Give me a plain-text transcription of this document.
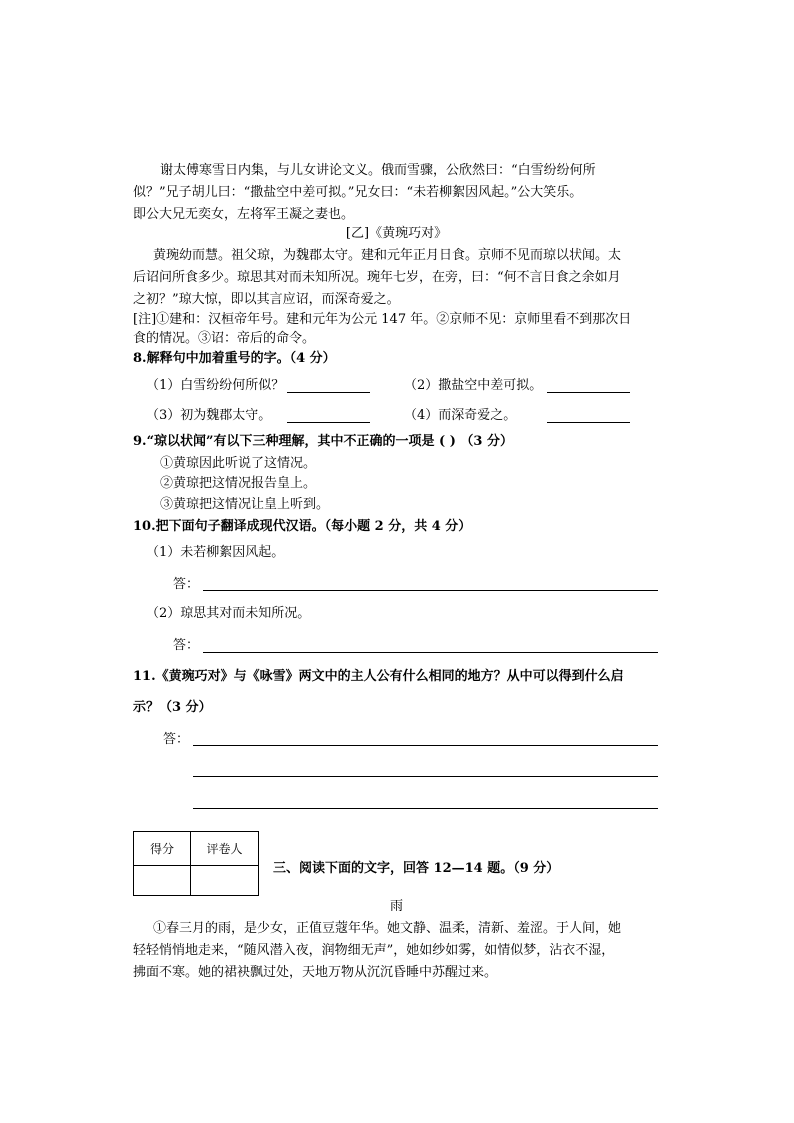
谢太傅寒雪日内集，与儿女讲论文义。俄而雪骤，公欣然曰：“白雪纷纷何所
似？”兄子胡儿曰：“撒盐空中差可拟。”兄女曰：“未若柳絮因风起。”公大笑乐。
即公大兄无奕女，左将军王凝之妻也。
[乙]《黄琬巧对》
黄琬幼而慧。祖父琼，为魏郡太守。建和元年正月日食。京师不见而琼以状闻。太
后诏问所食多少。琼思其对而未知所况。琬年七岁，在旁，曰：“何不言日食之余如月
之初？”琼大惊，即以其言应诏，而深奇爱之。
[注]①建和：汉桓帝年号。建和元年为公元 147 年。②京师不见：京师里看不到那次日
食的情况。③诏：帝后的命令。
8.解释句中加着重号的字。（4 分）
（1）白雪纷纷何所似？	（2）撒盐空中差可拟。
（3）初为魏郡太守。	（4）而深奇爱之。
9.“琼以状闻”有以下三种理解，其中不正确的一项是 ( ) （3 分）
①黄琼因此听说了这情况。
②黄琼把这情况报告皇上。
③黄琼把这情况让皇上听到。
10.把下面句子翻译成现代汉语。（每小题 2 分，共 4 分）
（1）未若柳絮因风起。
答：
（2）琼思其对而未知所况。
答：
11.《黄琬巧对》与《咏雪》两文中的主人公有什么相同的地方？从中可以得到什么启
示？（3 分）
答：
得分	评卷人

三、阅读下面的文字，回答 12—14 题。（9 分）
雨
①春三月的雨，是少女，正值豆蔻年华。她文静、温柔，清新、羞涩。于人间，她
轻轻悄悄地走来，“随风潜入夜，润物细无声”，她如纱如雾，如情似梦，沾衣不湿，
拂面不寒。她的裙袂飘过处，天地万物从沉沉昏睡中苏醒过来。
